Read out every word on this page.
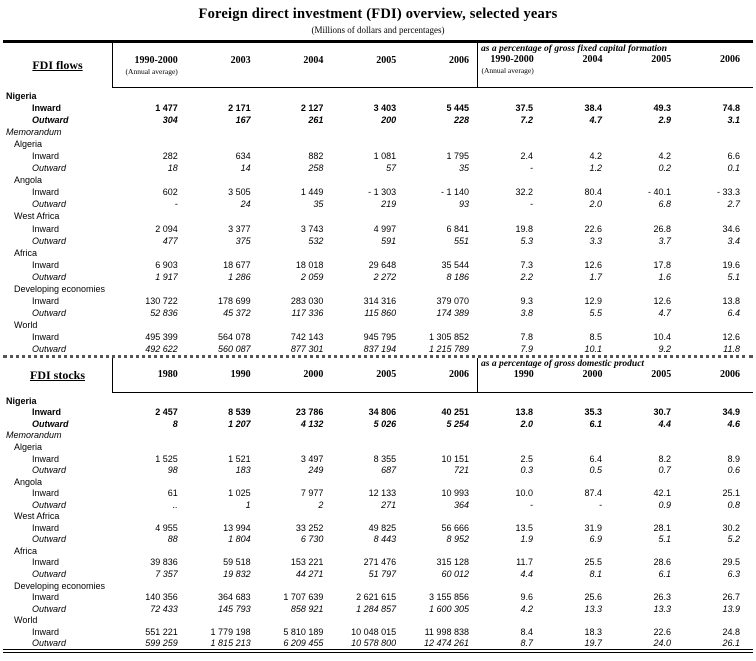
Foreign direct investment (FDI) overview, selected years
(Millions of dollars and percentages)
FDI flows	1990-2000
(Annual average)
2003	2004	2005	2006
as a percentage of gross fixed capital formation
1990-2000
(Annual average)
2004	2005	2006
Nigeria
Inward	1 477	2 171	2 127	3 403	5 445	37.5	38.4	49.3	74.8
Outward	304	167	261	200	228	7.2	4.7	2.9	3.1
Memorandum
Algeria
Inward	282	634	882	1 081	1 795	2.4	4.2	4.2	6.6
Outward	18	14	258	57	35	-	1.2	0.2	0.1
Angola
Inward	602	3 505	1 449	- 1 303	- 1 140	32.2	80.4	- 40.1	- 33.3
Outward	-	24	35	219	93	-	2.0	6.8	2.7
West Africa
Inward	2 094	3 377	3 743	4 997	6 841	19.8	22.6	26.8	34.6
Outward	477	375	532	591	551	5.3	3.3	3.7	3.4
Africa
Inward	6 903	18 677	18 018	29 648	35 544	7.3	12.6	17.8	19.6
Outward	1 917	1 286	2 059	2 272	8 186	2.2	1.7	1.6	5.1
Developing economies
Inward	130 722	178 699	283 030	314 316	379 070	9.3	12.9	12.6	13.8
Outward	52 836	45 372	117 336	115 860	174 389	3.8	5.5	4.7	6.4
World
Inward	495 399	564 078	742 143	945 795	1 305 852	7.8	8.5	10.4	12.6
Outward	492 622	560 087	877 301	837 194	1 215 789	7.9	10.1	9.2	11.8
FDI stocks	1980	1990	2000	2005	2006
as a percentage of gross domestic product
1990	2000	2005	2006
Nigeria
Inward	2 457	8 539	23 786	34 806	40 251	13.8	35.3	30.7	34.9
Outward	8	1 207	4 132	5 026	5 254	2.0	6.1	4.4	4.6
Memorandum
Algeria
Inward	1 525	1 521	3 497	8 355	10 151	2.5	6.4	8.2	8.9
Outward	98	183	249	687	721	0.3	0.5	0.7	0.6
Angola
Inward	61	1 025	7 977	12 133	10 993	10.0	87.4	42.1	25.1
Outward	..	1	2	271	364	-	-	0.9	0.8
West Africa
Inward	4 955	13 994	33 252	49 825	56 666	13.5	31.9	28.1	30.2
Outward	88	1 804	6 730	8 443	8 952	1.9	6.9	5.1	5.2
Africa
Inward	39 836	59 518	153 221	271 476	315 128	11.7	25.5	28.6	29.5
Outward	7 357	19 832	44 271	51 797	60 012	4.4	8.1	6.1	6.3
Developing economies
Inward	140 356	364 683	1 707 639	2 621 615	3 155 856	9.6	25.6	26.3	26.7
Outward	72 433	145 793	858 921	1 284 857	1 600 305	4.2	13.3	13.3	13.9
World
Inward	551 221	1 779 198	5 810 189	10 048 015	11 998 838	8.4	18.3	22.6	24.8
Outward	599 259	1 815 213	6 209 455	10 578 800	12 474 261	8.7	19.7	24.0	26.1
